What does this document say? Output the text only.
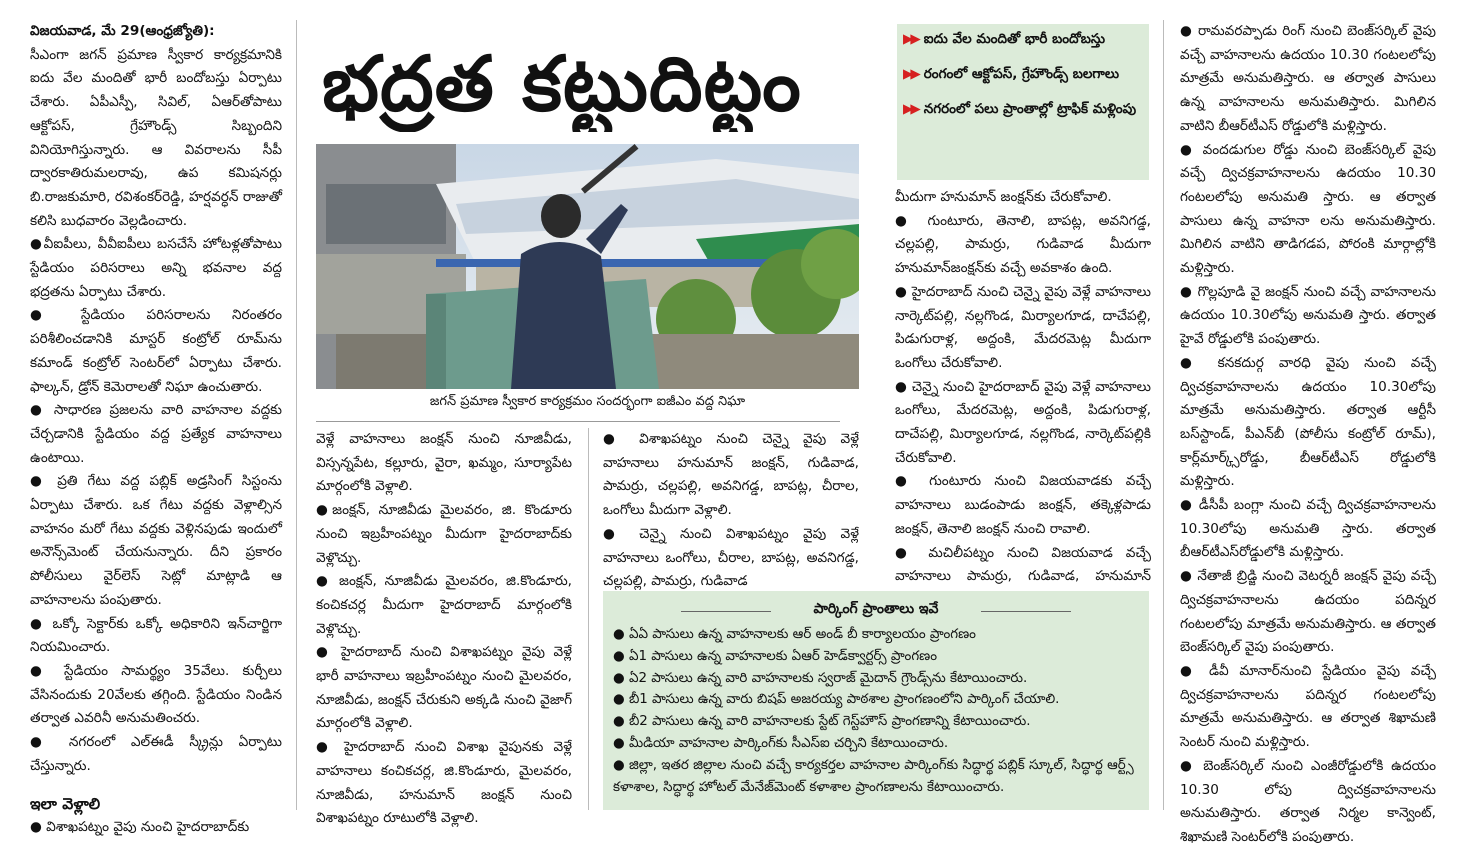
విజయవాడ, మే 29(ఆంధ్రజ్యోతి):

సీఎంగా జగన్ ప్రమాణ స్వీకార కార్యక్రమానికి ఐదు వేల మందితో భారీ బందోబస్తు ఏర్పాటు చేశారు. ఏపీఎస్పీ, సివిల్, ఏఆర్‌తోపాటు ఆక్టోపస్, గ్రేహౌండ్స్ సిబ్బందిని వినియోగిస్తున్నారు. ఆ వివరాలను సీపీ ద్వారకాతిరుమలరావు, ఉప కమిషనర్లు బి.రాజకుమారి, రవిశంకర్‌రెడ్డి, హర్షవర్ధన్ రాజుతో కలిసి బుధవారం వెల్లడించారు.

●వీఐపీలు, వీవీఐపీలు బసచేసే హోటళ్లతోపాటు స్టేడియం పరిసరాలు అన్ని భవనాల వద్ద భద్రతను ఏర్పాటు చేశారు.

● స్టేడియం పరిసరాలను నిరంతరం పరిశీలించడానికి మాస్టర్ కంట్రోల్ రూమ్‌ను కమాండ్ కంట్రోల్ సెంటర్‌లో ఏర్పాటు చేశారు. ఫాల్కన్, డ్రోన్ కెమెరాలతో నిఘా ఉంచుతారు.

● సాధారణ ప్రజలను వారి వాహనాల వద్దకు చేర్చడానికి స్టేడియం వద్ద ప్రత్యేక వాహనాలు ఉంటాయి.

● ప్రతి గేటు వద్ద పబ్లిక్ అడ్రసింగ్ సిస్టంను ఏర్పాటు చేశారు. ఒక గేటు వద్దకు వెళ్లాల్సిన వాహనం మరో గేటు వద్దకు వెళ్లినపుడు ఇందులో అనౌన్స్‌మెంట్ చేయనున్నారు. దీని ప్రకారం పోలీసులు వైర్‌లెస్ సెట్లో మాట్లాడి ఆ వాహనాలను పంపుతారు.

● ఒక్కో సెక్టార్‌కు ఒక్కో అధికారిని ఇన్‌చార్జిగా నియమించారు.

● స్టేడియం సామర్థ్యం 35వేలు. కుర్చీలు వేసినందుకు 20వేలకు తగ్గింది. స్టేడియం నిండిన తర్వాత ఎవరినీ అనుమతించరు.

● నగరంలో ఎల్‌ఈడీ స్క్రీన్లు ఏర్పాటు చేస్తున్నారు.

ఇలా వెళ్లాలి

● విశాఖపట్నం వైపు నుంచి హైదరాబాద్‌కు

భద్రత కట్టుదిట్టం
జగన్ ప్రమాణ స్వీకార కార్యక్రమం సందర్భంగా ఐజీఎం వద్ద నిఘా

వెళ్లే వాహనాలు జంక్షన్ నుంచి నూజివీడు, విస్సన్నపేట, కల్లూరు, వైరా, ఖమ్మం, సూర్యాపేట మార్గంలోకి వెళ్లాలి.

●జంక్షన్, నూజివీడు మైలవరం, జి. కొండూరు నుంచి ఇబ్రహీంపట్నం మీదుగా హైదరాబాద్‌కు వెళ్లొచ్చు.

● జంక్షన్, నూజివీడు మైలవరం, జి.కొండూరు, కంచికచర్ల మీదుగా హైదరాబాద్ మార్గంలోకి వెళ్లొచ్చు.

● హైదరాబాద్ నుంచి విశాఖపట్నం వైపు వెళ్లే భారీ వాహనాలు ఇబ్రహీంపట్నం నుంచి మైలవరం, నూజివీడు, జంక్షన్ చేరుకుని అక్కడి నుంచి వైజాగ్ మార్గంలోకి వెళ్లాలి.

● హైదరాబాద్ నుంచి విశాఖ వైపునకు వెళ్లే వాహనాలు కంచికచర్ల, జి.కొండూరు, మైలవరం, నూజివీడు, హనుమాన్ జంక్షన్ నుంచి విశాఖపట్నం రూటులోకి వెళ్లాలి.

● విశాఖపట్నం నుంచి చెన్నై వైపు వెళ్లే వాహనాలు హనుమాన్ జంక్షన్, గుడివాడ, పామర్రు, చల్లపల్లి, అవనిగడ్డ, బాపట్ల, చీరాల, ఒంగోలు మీదుగా వెళ్లాలి.

● చెన్నై నుంచి విశాఖపట్నం వైపు వెళ్లే వాహనాలు ఒంగోలు, చీరాల, బాపట్ల, అవనిగడ్డ, చల్లపల్లి, పామర్రు, గుడివాడ

▶▶ ఐదు వేల మందితో భారీ బందోబస్తు
▶▶ రంగంలో ఆక్టోపస్, గ్రేహౌండ్స్ బలగాలు
▶▶ నగరంలో పలు ప్రాంతాల్లో ట్రాఫిక్ మళ్లింపు

మీదుగా హనుమాన్ జంక్షన్‌కు చేరుకోవాలి.

● గుంటూరు, తెనాలి, బాపట్ల, అవనిగడ్డ, చల్లపల్లి, పామర్రు, గుడివాడ మీదుగా హనుమాన్‌జంక్షన్‌కు వచ్చే అవకాశం ఉంది.

● హైదరాబాద్ నుంచి చెన్నై వైపు వెళ్లే వాహనాలు నార్కెట్‌పల్లి, నల్లగొండ, మిర్యాలగూడ, దాచేపల్లి, పిడుగురాళ్ల, అద్దంకి, మేదరమెట్ల మీదుగా ఒంగోలు చేరుకోవాలి.

● చెన్నై నుంచి హైదరాబాద్ వైపు వెళ్లే వాహనాలు ఒంగోలు, మేదరమెట్ల, అద్దంకి, పిడుగురాళ్ల, దాచేపల్లి, మిర్యాలగూడ, నల్లగొండ, నార్కెట్‌పల్లికి చేరుకోవాలి.

● గుంటూరు నుంచి విజయవాడకు వచ్చే వాహనాలు బుడంపాడు జంక్షన్, తక్కెళ్లపాడు జంక్షన్, తెనాలి జంక్షన్ నుంచి రావాలి.

● మచిలీపట్నం నుంచి విజయవాడ వచ్చే వాహనాలు పామర్రు, గుడివాడ, హనుమాన్

పార్కింగ్ ప్రాంతాలు ఇవే
● ఏఏ పాసులు ఉన్న వాహనాలకు ఆర్ అండ్ బీ కార్యాలయం ప్రాంగణం
● ఏ1 పాసులు ఉన్న వాహనాలకు ఏఆర్ హెడ్‌క్వార్టర్స్ ప్రాంగణం
● ఏ2 పాసులు ఉన్న వారి వాహనాలకు స్వరాజ్ మైదాన్ గ్రౌండ్స్‌ను కేటాయించారు.
● బీ1 పాసులు ఉన్న వారు బిషప్ అజరయ్య పాఠశాల ప్రాంగణంలోని పార్కింగ్ చేయాలి.
● బీ2 పాసులు ఉన్న వారి వాహనాలకు స్టేట్ గెస్ట్‌హౌస్ ప్రాంగణాన్ని కేటాయించారు.
● మీడియా వాహనాల పార్కింగ్‌కు సీఎస్ఐ చర్చిని కేటాయించారు.
● జిల్లా, ఇతర జిల్లాల నుంచి వచ్చే కార్యకర్తల వాహనాల పార్కింగ్‌కు సిద్ధార్థ పబ్లిక్ స్కూల్, సిద్ధార్థ ఆర్ట్స్ కళాశాల, సిద్ధార్థ హోటల్ మేనేజ్‌మెంట్ కళాశాల ప్రాంగణాలను కేటాయించారు.

● రామవరప్పాడు రింగ్ నుంచి బెంజ్‌సర్కిల్ వైపు వచ్చే వాహనాలను ఉదయం 10.30 గంటలలోపు మాత్రమే అనుమతిస్తారు. ఆ తర్వాత పాసులు ఉన్న వాహనాలను అనుమతిస్తారు. మిగిలిన వాటిని బీఆర్‌టీఎస్ రోడ్డులోకి మళ్లిస్తారు.

● వందడుగుల రోడ్డు నుంచి బెంజ్‌సర్కిల్ వైపు వచ్చే ద్విచక్రవాహనాలను ఉదయం 10.30 గంటలలోపు అనుమతి స్తారు. ఆ తర్వాత పాసులు ఉన్న వాహనా లను అనుమతిస్తారు. మిగిలిన వాటిని తాడిగడప, పోరంకి మార్గాల్లోకి మళ్లిస్తారు.

● గొల్లపూడి వై జంక్షన్ నుంచి వచ్చే వాహనాలను ఉదయం 10.30లోపు అనుమతి స్తారు. తర్వాత హైవే రోడ్డులోకి పంపుతారు.

● కనకదుర్గ వారధి వైపు నుంచి వచ్చే ద్విచక్రవాహనాలను ఉదయం 10.30లోపు మాత్రమే అనుమతిస్తారు. తర్వాత ఆర్టీసీ బస్‌స్టాండ్, పీఎన్‌బీ (పోలీసు కంట్రోల్ రూమ్), కార్ల్‌మార్క్స్‌రోడ్డు, బీఆర్‌టీఎస్ రోడ్డులోకి మళ్లిస్తారు.

● డీసీపీ బంగ్లా నుంచి వచ్చే ద్విచక్రవాహనాలను 10.30లోపు అనుమతి స్తారు. తర్వాత బీఆర్‌టీఎస్‌రోడ్డులోకి మళ్లిస్తారు.

● నేతాజీ బ్రిడ్జి నుంచి వెటర్నరీ జంక్షన్ వైపు వచ్చే ద్విచక్రవాహనాలను ఉదయం పదిన్నర గంటలలోపు మాత్రమే అనుమతిస్తారు. ఆ తర్వాత బెంజ్‌సర్కిల్ వైపు పంపుతారు.

● డీవీ మానార్‌నుంచి స్టేడియం వైపు వచ్చే ద్విచక్రవాహనాలను పదిన్నర గంటలలోపు మాత్రమే అనుమతిస్తారు. ఆ తర్వాత శిఖామణి సెంటర్ నుంచి మళ్లిస్తారు.

● బెంజ్‌సర్కిల్ నుంచి ఎంజీరోడ్డులోకి ఉదయం 10.30 లోపు ద్విచక్రవాహనాలను అనుమతిస్తారు. తర్వాత నిర్మల కాన్వెంట్, శిఖామణి సెంటర్‌లోకి పంపుతారు.
